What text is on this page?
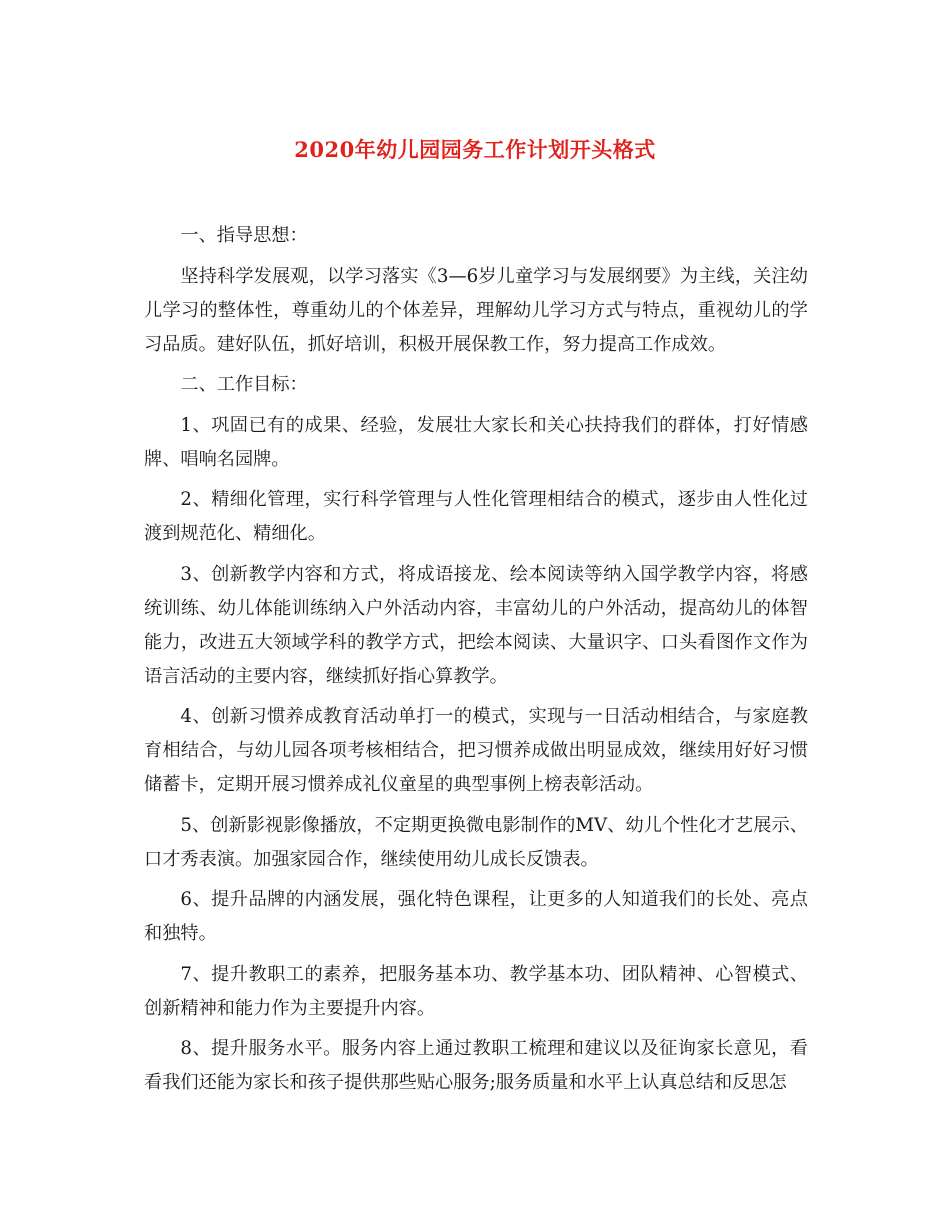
2020年幼儿园园务工作计划开头格式

一、指导思想：

坚持科学发展观，以学习落实《3—6岁儿童学习与发展纲要》为主线，关注幼儿学习的整体性，尊重幼儿的个体差异，理解幼儿学习方式与特点，重视幼儿的学习品质。建好队伍，抓好培训，积极开展保教工作，努力提高工作成效。

二、工作目标：

1、巩固已有的成果、经验，发展壮大家长和关心扶持我们的群体，打好情感牌、唱响名园牌。

2、精细化管理，实行科学管理与人性化管理相结合的模式，逐步由人性化过渡到规范化、精细化。

3、创新教学内容和方式，将成语接龙、绘本阅读等纳入国学教学内容，将感统训练、幼儿体能训练纳入户外活动内容，丰富幼儿的户外活动，提高幼儿的体智能力，改进五大领域学科的教学方式，把绘本阅读、大量识字、口头看图作文作为语言活动的主要内容，继续抓好指心算教学。

4、创新习惯养成教育活动单打一的模式，实现与一日活动相结合，与家庭教育相结合，与幼儿园各项考核相结合，把习惯养成做出明显成效，继续用好好习惯储蓄卡，定期开展习惯养成礼仪童星的典型事例上榜表彰活动。

5、创新影视影像播放，不定期更换微电影制作的MV、幼儿个性化才艺展示、口才秀表演。加强家园合作，继续使用幼儿成长反馈表。

6、提升品牌的内涵发展，强化特色课程，让更多的人知道我们的长处、亮点和独特。

7、提升教职工的素养，把服务基本功、教学基本功、团队精神、心智模式、创新精神和能力作为主要提升内容。

8、提升服务水平。服务内容上通过教职工梳理和建议以及征询家长意见，看看我们还能为家长和孩子提供那些贴心服务;服务质量和水平上认真总结和反思怎
